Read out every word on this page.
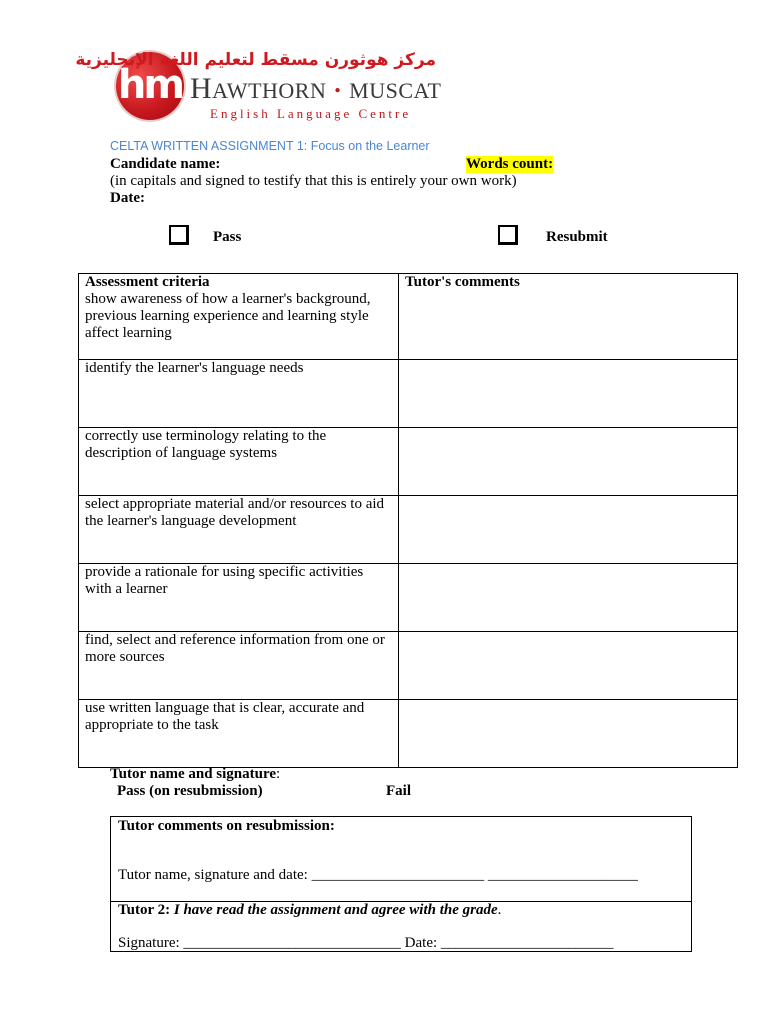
hm
مركز هوثورن مسقط لتعليم اللغة الإنجليزية
HAWTHORN • MUSCAT
English Language Centre
CELTA WRITTEN ASSIGNMENT 1: Focus on the Learner
Candidate name:	Words count:
(in capitals and signed to testify that this is entirely your own work)
Date:
Pass	Resubmit
Assessment criteria	Tutor's comments
show awareness of how a learner's background, previous learning experience and learning style affect learning	
identify the learner's language needs	
correctly use terminology relating to the description of language systems	
select appropriate material and/or resources to aid the learner's language development	
provide a rationale for using specific activities with a learner	
find, select and reference information from one or more sources	
use written language that is clear, accurate and appropriate to the task	
Tutor name and signature:
Pass (on resubmission)	Fail
Tutor comments on resubmission:
Tutor name, signature and date: _______________________ ____________________
Tutor 2: I have read the assignment and agree with the grade.
Signature: _____________________________ Date: _______________________
